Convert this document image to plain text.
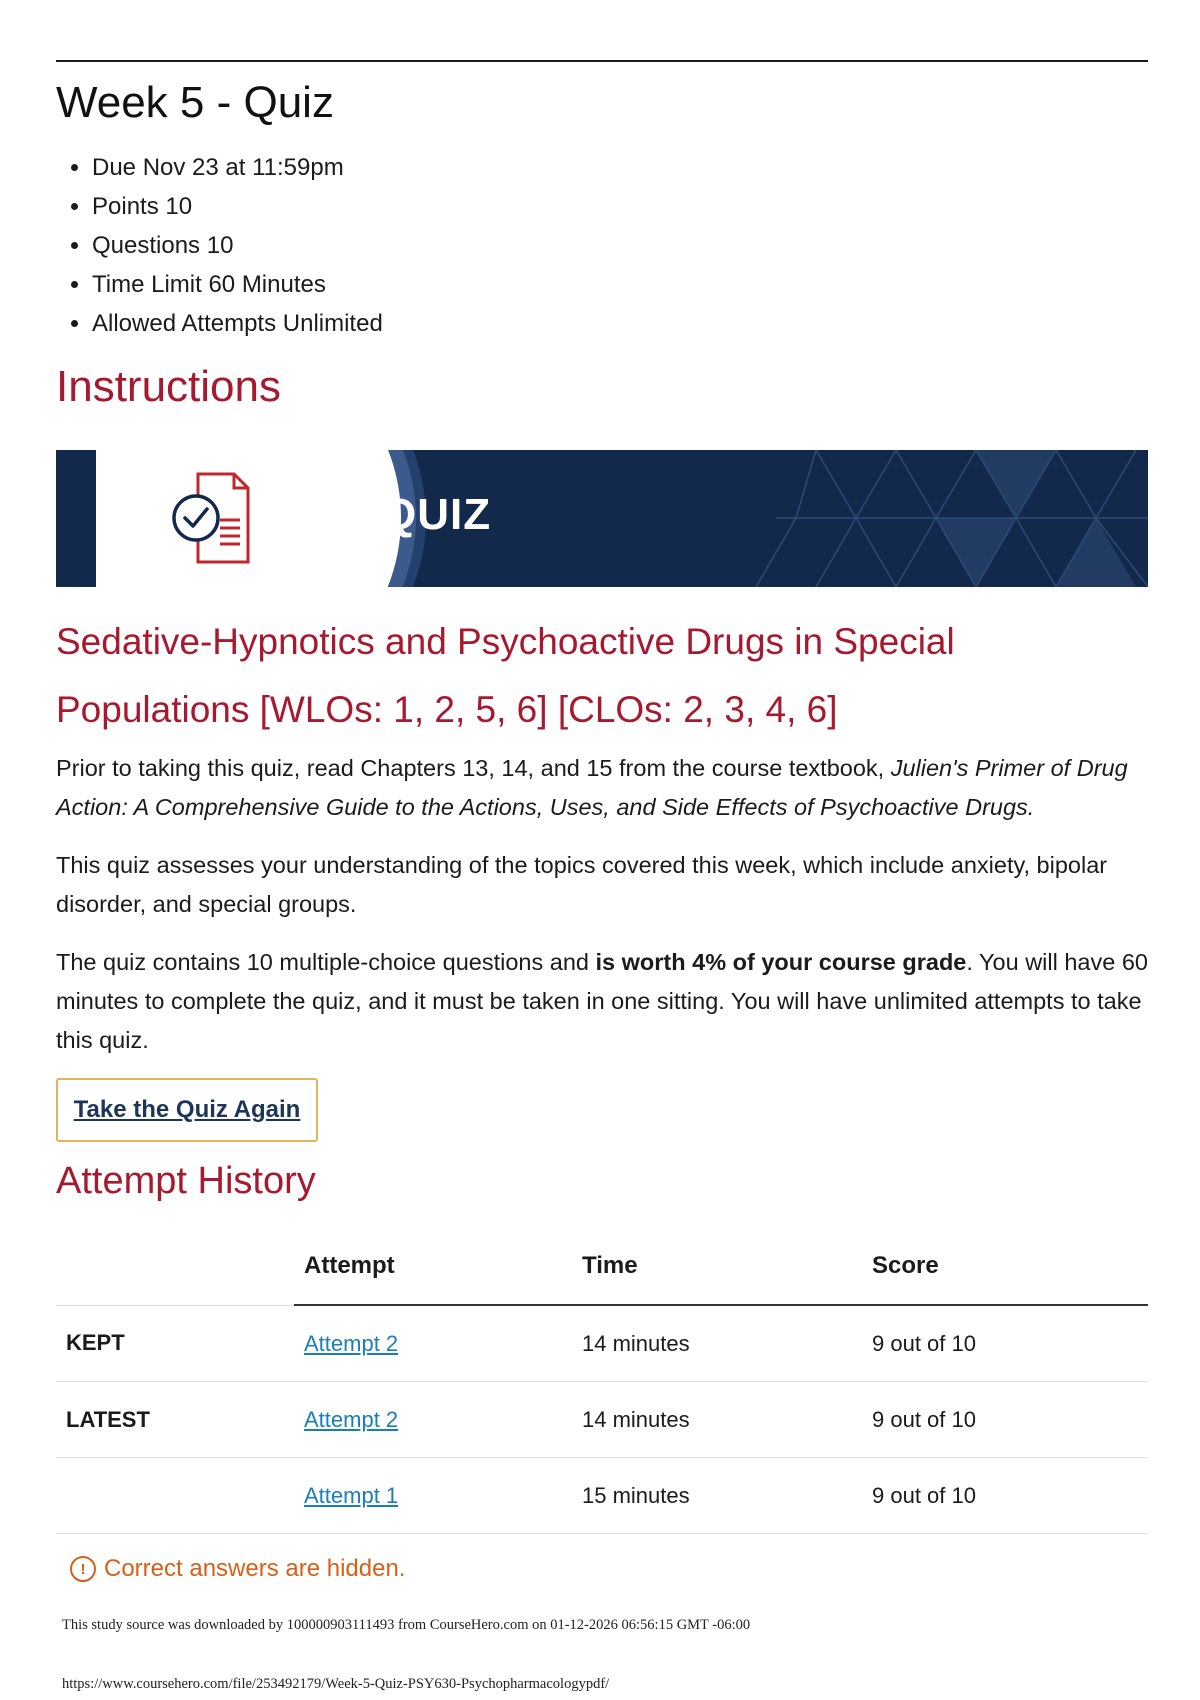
Week 5 - Quiz
• Due Nov 23 at 11:59pm
• Points 10
• Questions 10
• Time Limit 60 Minutes
• Allowed Attempts Unlimited
Instructions
QUIZ
Sedative-Hypnotics and Psychoactive Drugs in Special Populations [WLOs: 1, 2, 5, 6] [CLOs: 2, 3, 4, 6]

Prior to taking this quiz, read Chapters 13, 14, and 15 from the course textbook, Julien's Primer of Drug Action: A Comprehensive Guide to the Actions, Uses, and Side Effects of Psychoactive Drugs.

This quiz assesses your understanding of the topics covered this week, which include anxiety, bipolar disorder, and special groups.

The quiz contains 10 multiple-choice questions and is worth 4% of your course grade. You will have 60 minutes to complete the quiz, and it must be taken in one sitting. You will have unlimited attempts to take this quiz.

Take the Quiz Again
Attempt History
	Attempt	Time	Score
KEPT	Attempt 2	14 minutes	9 out of 10
LATEST	Attempt 2	14 minutes	9 out of 10
	Attempt 1	15 minutes	9 out of 10
! Correct answers are hidden.
This study source was downloaded by 100000903111493 from CourseHero.com on 01-12-2026 06:56:15 GMT -06:00
https://www.coursehero.com/file/253492179/Week-5-Quiz-PSY630-Psychopharmacologypdf/
